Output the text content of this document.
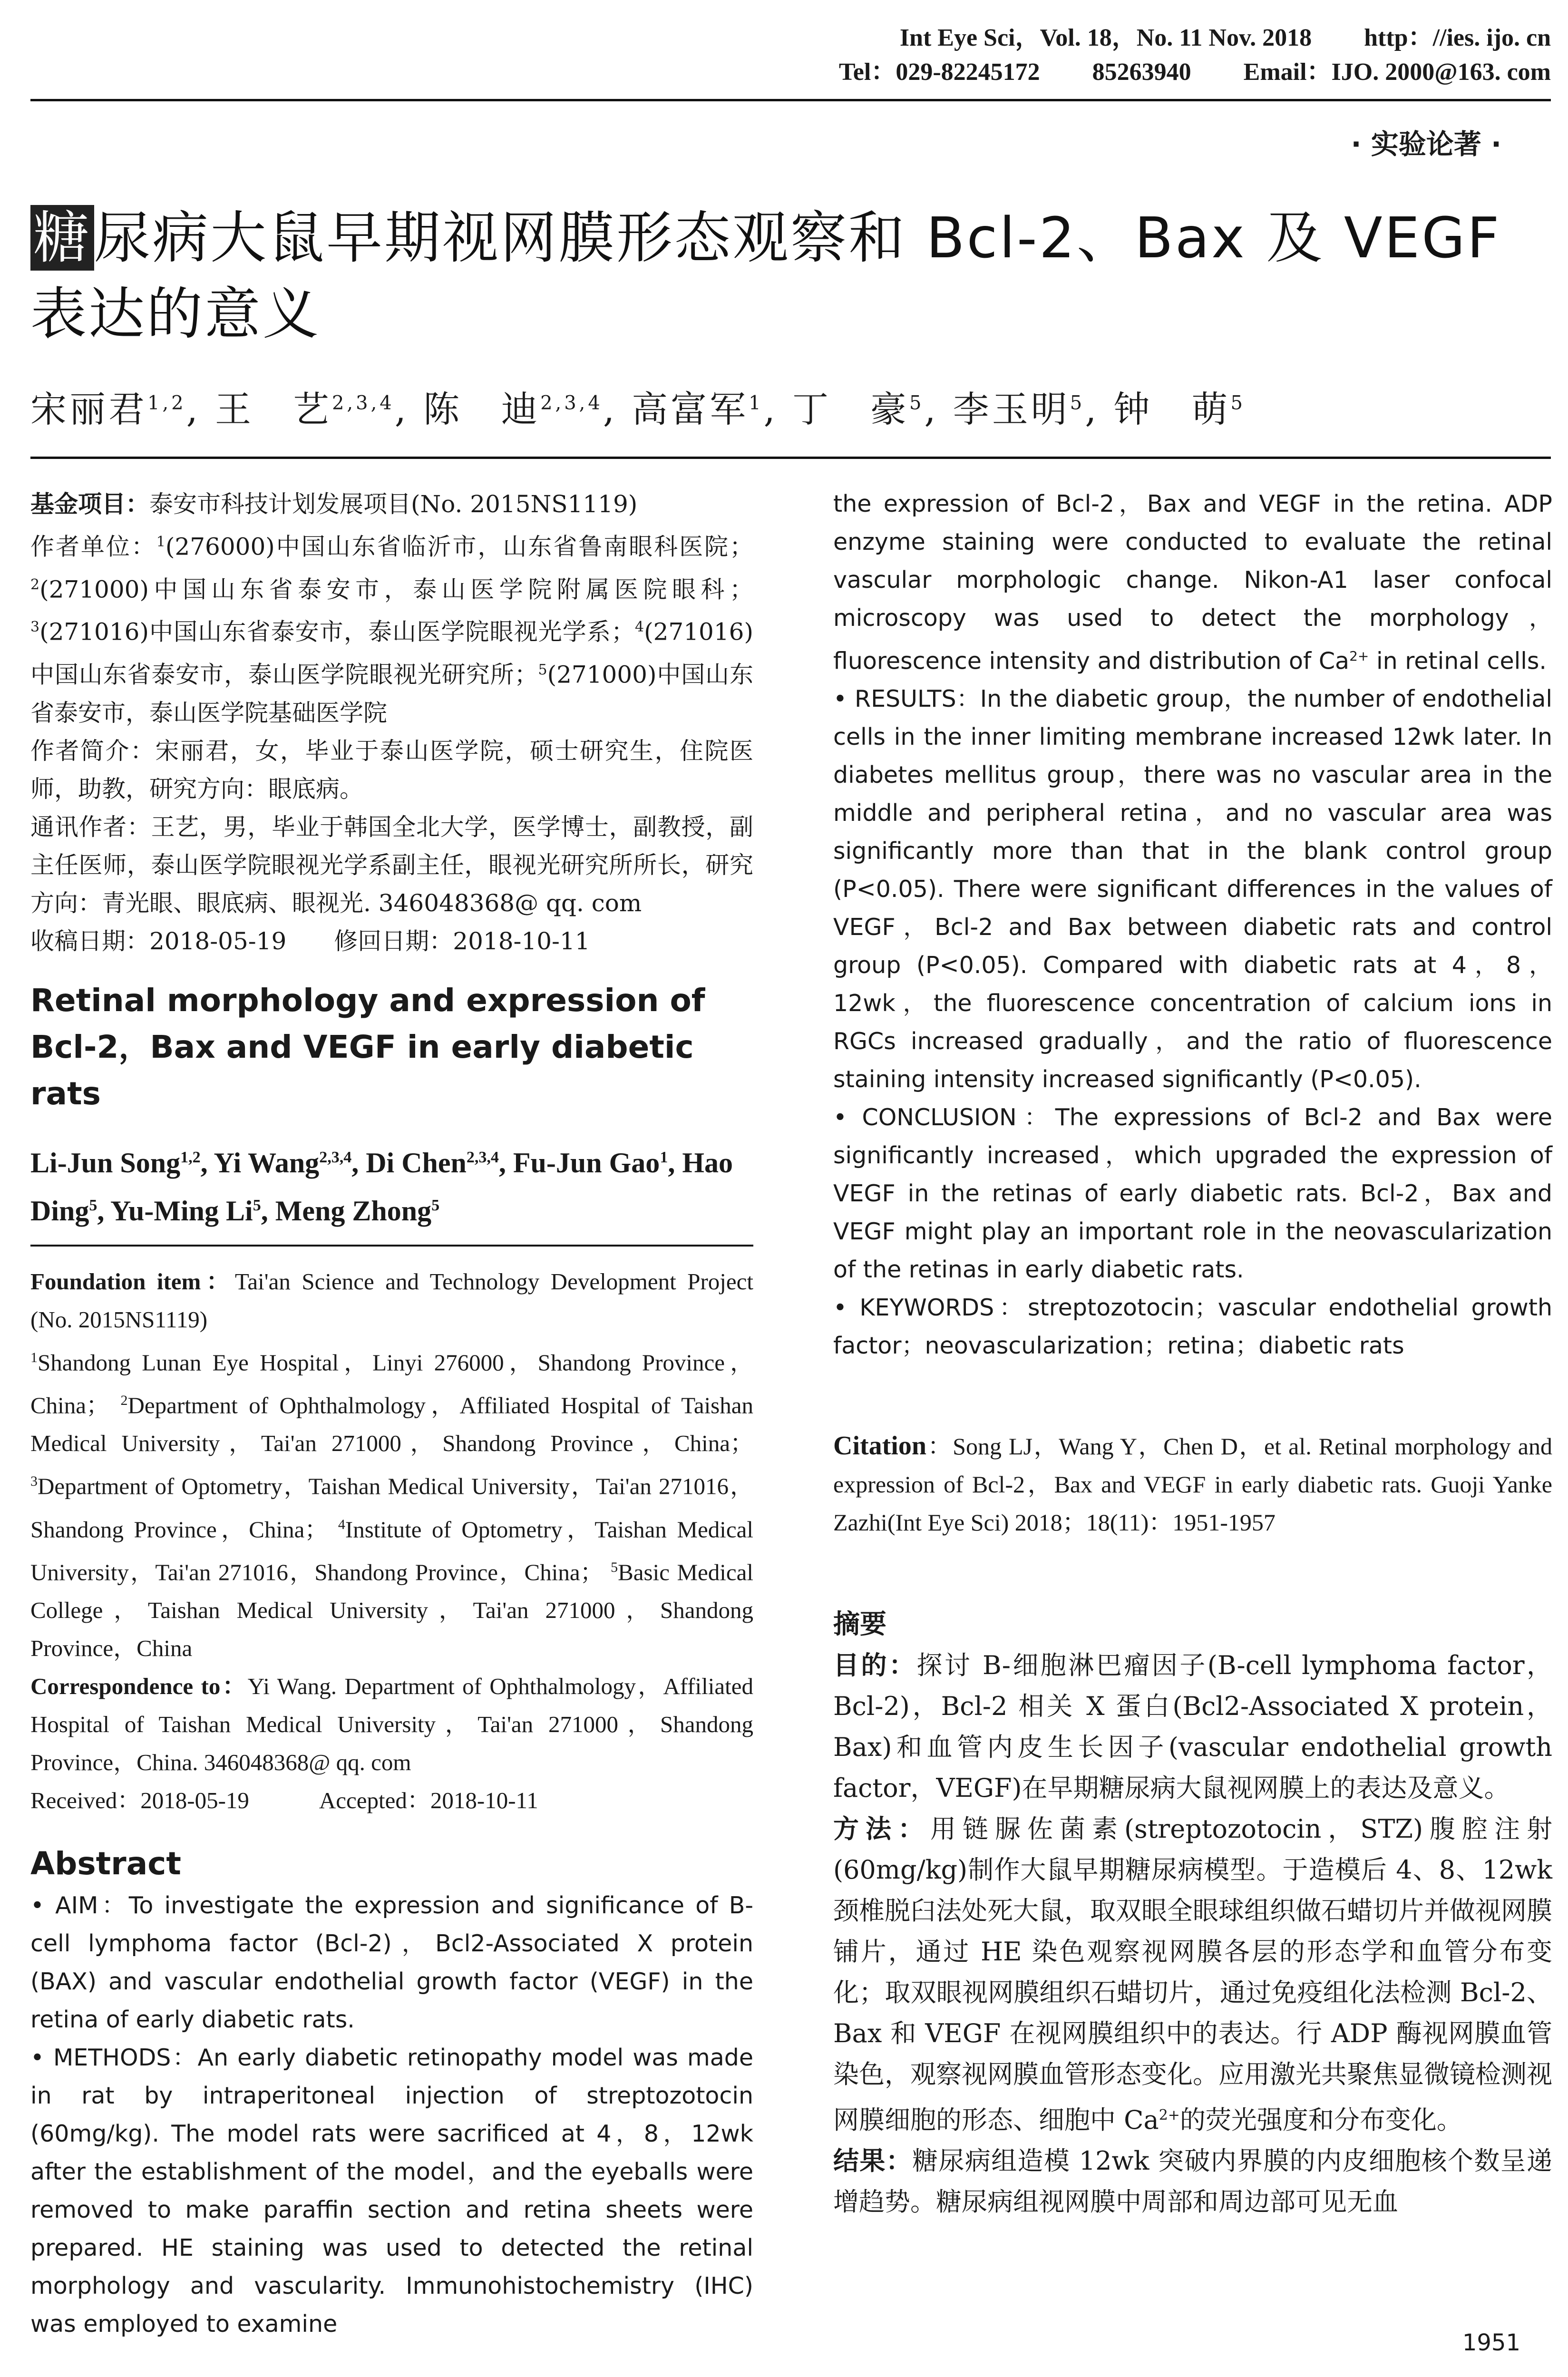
Int Eye Sci，Vol. 18，No. 11 Nov. 2018 http：//ies. ijo. cn
Tel：029-82245172 85263940 Email：IJO. 2000@163. com
· 实验论著 ·
糖尿病大鼠早期视网膜形态观察和 Bcl-2、Bax 及 VEGF 表达的意义
宋丽君$^{1,2}$, 王　艺$^{2,3,4}$, 陈　迪$^{2,3,4}$, 高富军$^1$, 丁　豪$^5$, 李玉明$^5$, 钟　萌$^5$

基金项目：泰安市科技计划发展项目(No. 2015NS1119)

作者单位：$^1$(276000)中国山东省临沂市，山东省鲁南眼科医院；$^2$(271000)中国山东省泰安市，泰山医学院附属医院眼科；$^3$(271016)中国山东省泰安市，泰山医学院眼视光学系；$^4$(271016)中国山东省泰安市，泰山医学院眼视光研究所；$^5$(271000)中国山东省泰安市，泰山医学院基础医学院

作者简介：宋丽君，女，毕业于泰山医学院，硕士研究生，住院医师，助教，研究方向：眼底病。

通讯作者：王艺，男，毕业于韩国全北大学，医学博士，副教授，副主任医师，泰山医学院眼视光学系副主任，眼视光研究所所长，研究方向：青光眼、眼底病、眼视光. 346048368@ qq. com

收稿日期：2018-05-19　　修回日期：2018-10-11

Retinal morphology and expression of Bcl-2，Bax and VEGF in early diabetic rats

Li-Jun Song$^{1,2}$, Yi Wang$^{2,3,4}$, Di Chen$^{2,3,4}$, Fu-Jun Gao$^1$, Hao Ding$^5$, Yu-Ming Li$^5$, Meng Zhong$^5$

Foundation item：Tai'an Science and Technology Development Project (No. 2015NS1119)

$^1$Shandong Lunan Eye Hospital，Linyi 276000，Shandong Province，China； $^2$Department of Ophthalmology，Affiliated Hospital of Taishan Medical University，Tai'an 271000，Shandong Province，China； $^3$Department of Optometry，Taishan Medical University，Tai'an 271016，Shandong Province，China； $^4$Institute of Optometry，Taishan Medical University，Tai'an 271016，Shandong Province，China； $^5$Basic Medical College，Taishan Medical University，Tai'an 271000，Shandong Province，China

Correspondence to：Yi Wang. Department of Ophthalmology，Affiliated Hospital of Taishan Medical University，Tai'an 271000，Shandong Province，China. 346048368@ qq. com

Received：2018-05-19　　　Accepted：2018-10-11

Abstract

• AIM：To investigate the expression and significance of B-cell lymphoma factor (Bcl-2)，Bcl2-Associated X protein (BAX) and vascular endothelial growth factor (VEGF) in the retina of early diabetic rats.

• METHODS：An early diabetic retinopathy model was made in rat by intraperitoneal injection of streptozotocin (60mg/kg). The model rats were sacrificed at 4，8，12wk after the establishment of the model，and the eyeballs were removed to make paraffin section and retina sheets were prepared. HE staining was used to detected the retinal morphology and vascularity. Immunohistochemistry (IHC) was employed to examine

the expression of Bcl-2，Bax and VEGF in the retina. ADP enzyme staining were conducted to evaluate the retinal vascular morphologic change. Nikon-A1 laser confocal microscopy was used to detect the morphology，fluorescence intensity and distribution of $Ca^{2+}$ in retinal cells.

• RESULTS：In the diabetic group，the number of endothelial cells in the inner limiting membrane increased 12wk later. In diabetes mellitus group，there was no vascular area in the middle and peripheral retina，and no vascular area was significantly more than that in the blank control group (P<0.05). There were significant differences in the values of VEGF，Bcl-2 and Bax between diabetic rats and control group (P<0.05). Compared with diabetic rats at 4，8，12wk，the fluorescence concentration of calcium ions in RGCs increased gradually，and the ratio of fluorescence staining intensity increased significantly (P<0.05).

• CONCLUSION：The expressions of Bcl-2 and Bax were significantly increased，which upgraded the expression of VEGF in the retinas of early diabetic rats. Bcl-2，Bax and VEGF might play an important role in the neovascularization of the retinas in early diabetic rats.

• KEYWORDS：streptozotocin；vascular endothelial growth factor；neovascularization；retina；diabetic rats

Citation：Song LJ，Wang Y，Chen D，et al. Retinal morphology and expression of Bcl-2，Bax and VEGF in early diabetic rats. Guoji Yanke Zazhi(Int Eye Sci) 2018；18(11)：1951-1957

摘要

目的：探讨 B-细胞淋巴瘤因子(B-cell lymphoma factor，Bcl-2)，Bcl-2 相关 X 蛋白(Bcl2-Associated X protein，Bax)和血管内皮生长因子(vascular endothelial growth factor，VEGF)在早期糖尿病大鼠视网膜上的表达及意义。

方法：用链脲佐菌素(streptozotocin，STZ)腹腔注射(60mg/kg)制作大鼠早期糖尿病模型。于造模后 4、8、12wk 颈椎脱臼法处死大鼠，取双眼全眼球组织做石蜡切片并做视网膜铺片，通过 HE 染色观察视网膜各层的形态学和血管分布变化；取双眼视网膜组织石蜡切片，通过免疫组化法检测 Bcl-2、Bax 和 VEGF 在视网膜组织中的表达。行 ADP 酶视网膜血管染色，观察视网膜血管形态变化。应用激光共聚焦显微镜检测视网膜细胞的形态、细胞中 $Ca^{2+}$的荧光强度和分布变化。

结果：糖尿病组造模 12wk 突破内界膜的内皮细胞核个数呈递增趋势。糖尿病组视网膜中周部和周边部可见无血

1951
